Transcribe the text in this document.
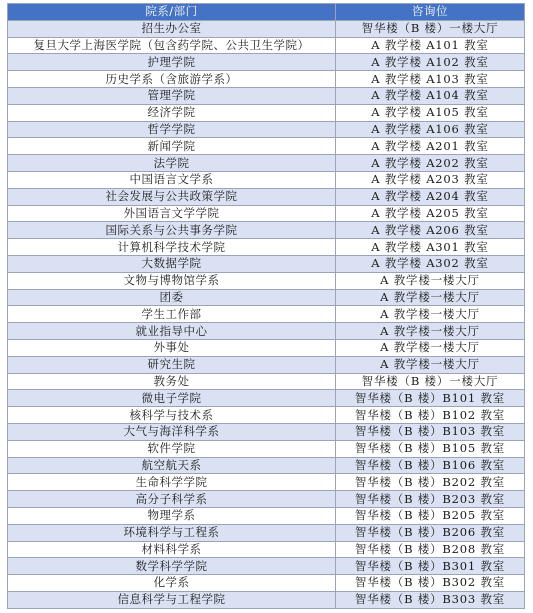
院系/部门	咨询位
招生办公室	智华楼（B 楼）一楼大厅
复旦大学上海医学院（包含药学院、公共卫生学院）	A 教学楼 A101 教室
护理学院	A 教学楼 A102 教室
历史学系（含旅游学系）	A 教学楼 A103 教室
管理学院	A 教学楼 A104 教室
经济学院	A 教学楼 A105 教室
哲学学院	A 教学楼 A106 教室
新闻学院	A 教学楼 A201 教室
法学院	A 教学楼 A202 教室
中国语言文学系	A 教学楼 A203 教室
社会发展与公共政策学院	A 教学楼 A204 教室
外国语言文学学院	A 教学楼 A205 教室
国际关系与公共事务学院	A 教学楼 A206 教室
计算机科学技术学院	A 教学楼 A301 教室
大数据学院	A 教学楼 A302 教室
文物与博物馆学系	A 教学楼一楼大厅
团委	A 教学楼一楼大厅
学生工作部	A 教学楼一楼大厅
就业指导中心	A 教学楼一楼大厅
外事处	A 教学楼一楼大厅
研究生院	A 教学楼一楼大厅
教务处	智华楼（B 楼）一楼大厅
微电子学院	智华楼（B 楼）B101 教室
核科学与技术系	智华楼（B 楼）B102 教室
大气与海洋科学系	智华楼（B 楼）B103 教室
软件学院	智华楼（B 楼）B105 教室
航空航天系	智华楼（B 楼）B106 教室
生命科学学院	智华楼（B 楼）B202 教室
高分子科学系	智华楼（B 楼）B203 教室
物理学系	智华楼（B 楼）B205 教室
环境科学与工程系	智华楼（B 楼）B206 教室
材料科学系	智华楼（B 楼）B208 教室
数学科学学院	智华楼（B 楼）B301 教室
化学系	智华楼（B 楼）B302 教室
信息科学与工程学院	智华楼（B 楼）B303 教室
